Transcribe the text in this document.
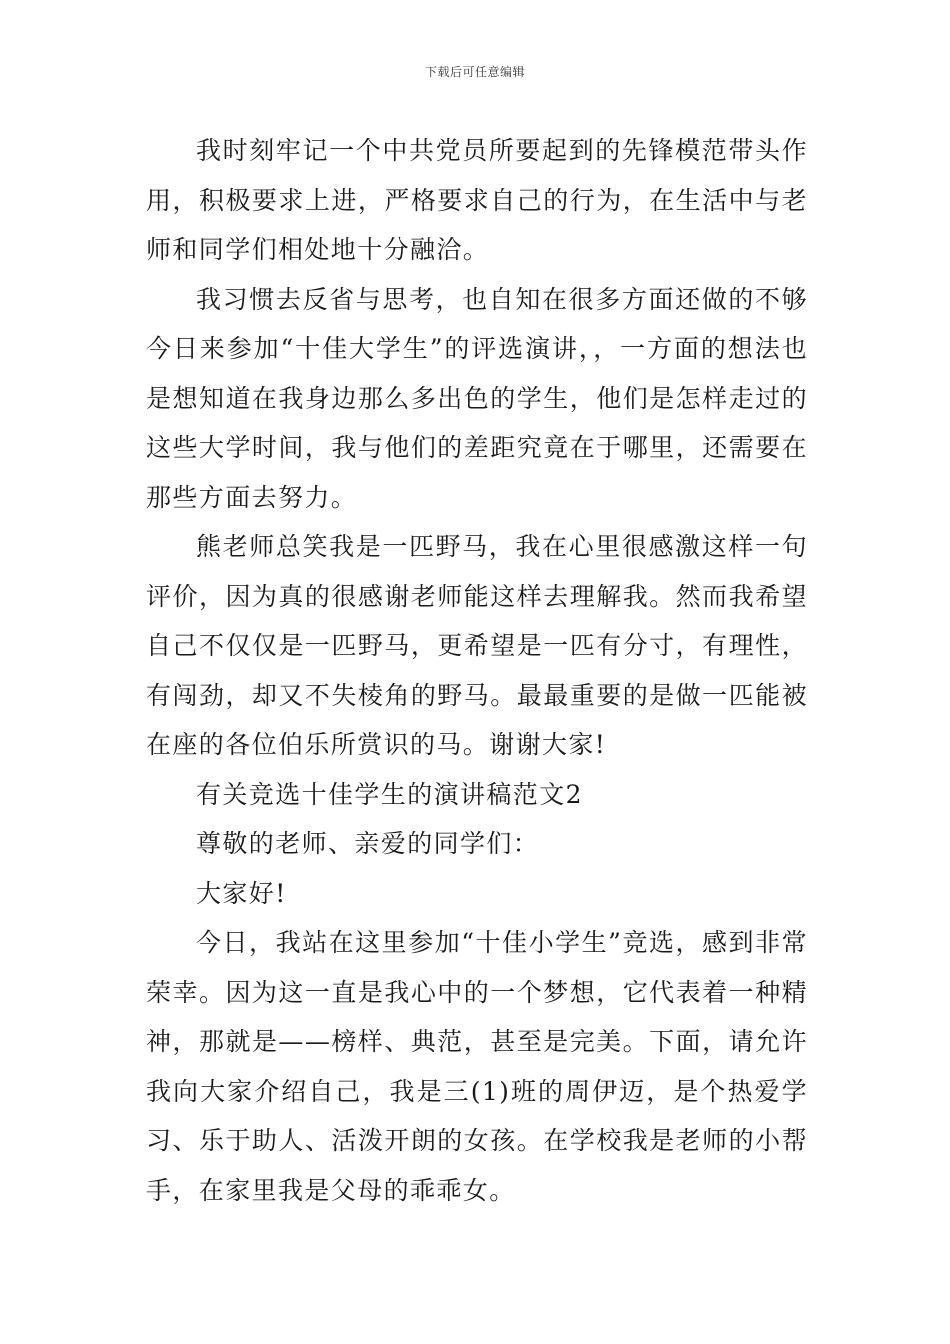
下载后可任意编辑

我时刻牢记一个中共党员所要起到的先锋模范带头作用，积极要求上进，严格要求自己的行为，在生活中与老师和同学们相处地十分融洽。

我习惯去反省与思考，也自知在很多方面还做的不够今日来参加“十佳大学生”的评选演讲，，一方面的想法也是想知道在我身边那么多出色的学生，他们是怎样走过的这些大学时间，我与他们的差距究竟在于哪里，还需要在那些方面去努力。

熊老师总笑我是一匹野马，我在心里很感激这样一句评价，因为真的很感谢老师能这样去理解我。然而我希望自己不仅仅是一匹野马，更希望是一匹有分寸，有理性，有闯劲，却又不失棱角的野马。最最重要的是做一匹能被在座的各位伯乐所赏识的马。谢谢大家!

有关竞选十佳学生的演讲稿范文2

尊敬的老师、亲爱的同学们：

大家好!

今日，我站在这里参加“十佳小学生”竞选，感到非常荣幸。因为这一直是我心中的一个梦想，它代表着一种精神，那就是——榜样、典范，甚至是完美。下面，请允许我向大家介绍自己，我是三(1)班的周伊迈，是个热爱学习、乐于助人、活泼开朗的女孩。在学校我是老师的小帮手，在家里我是父母的乖乖女。
